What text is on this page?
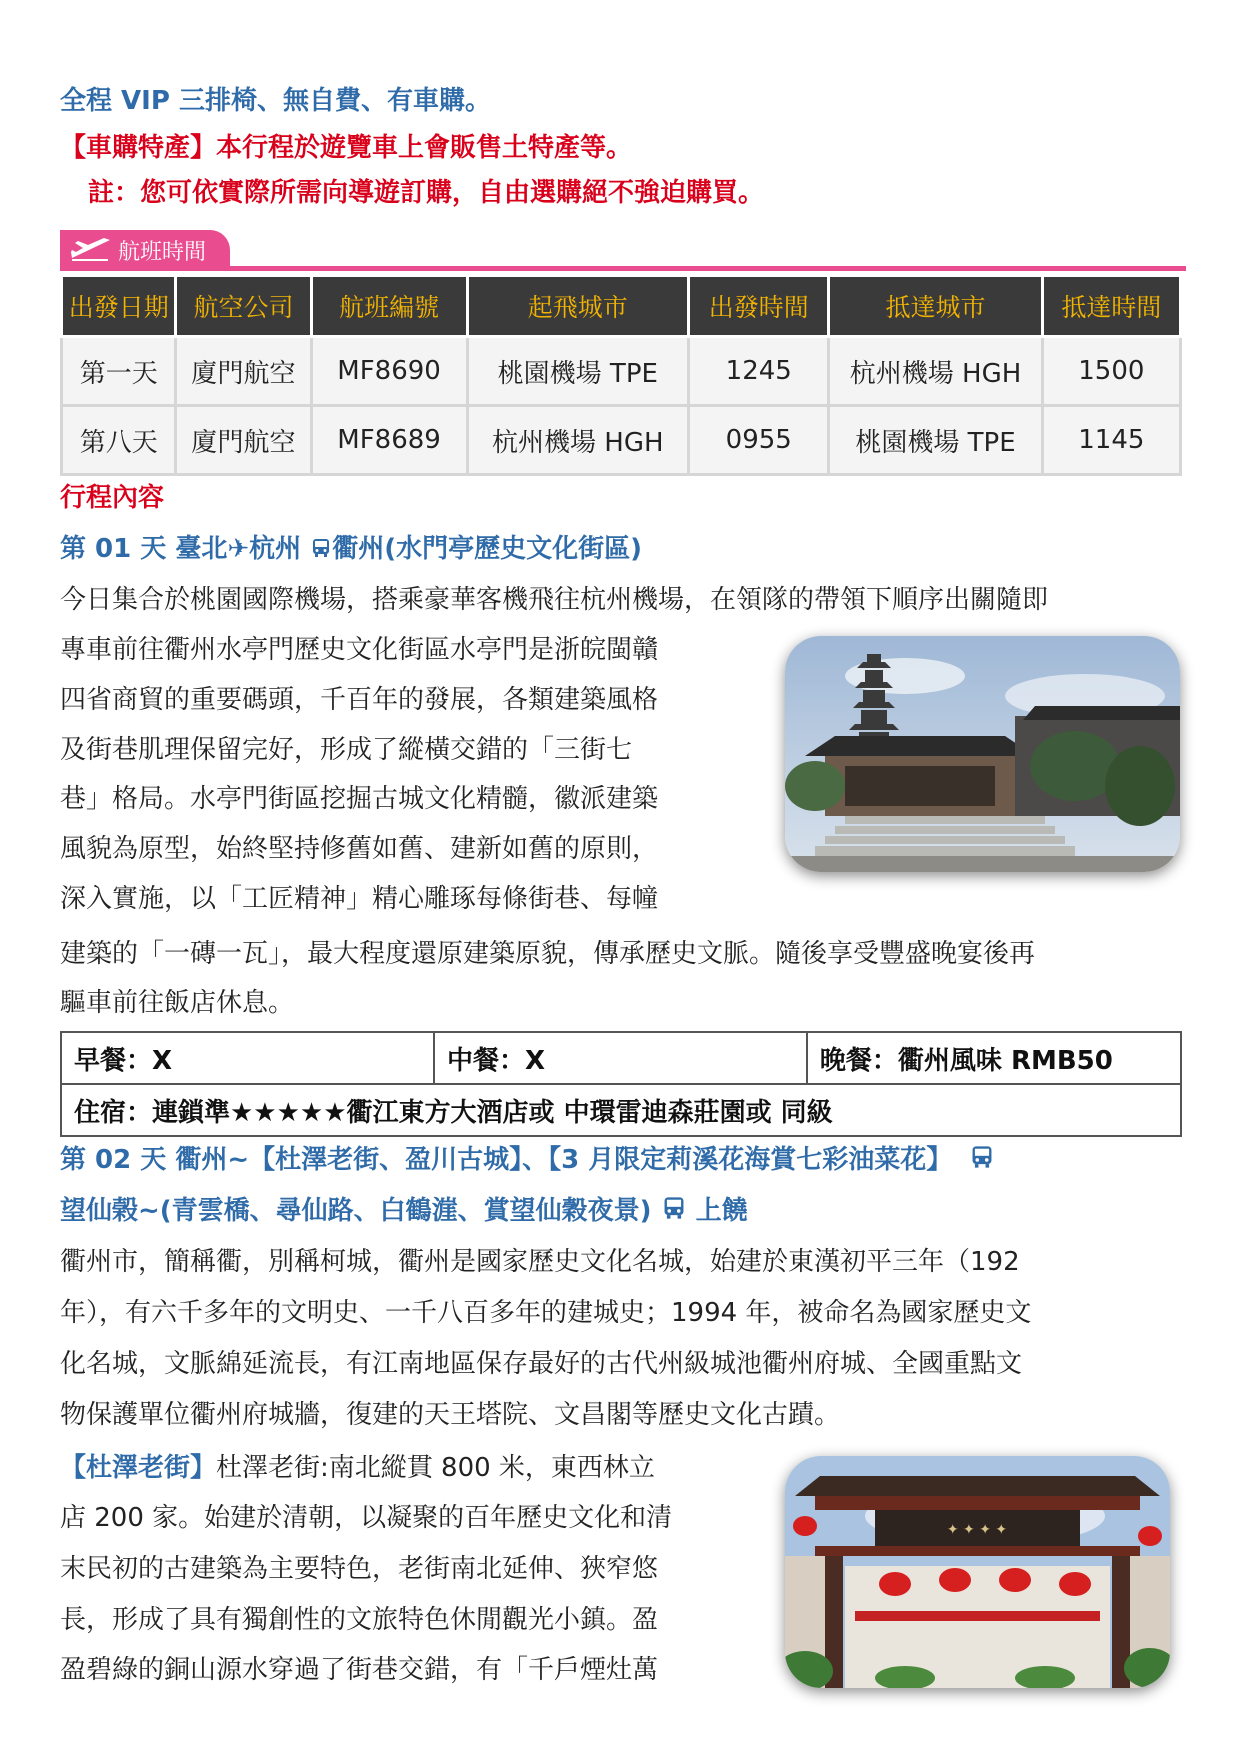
全程 VIP 三排椅、無自費、有車購。
【車購特產】本行程於遊覽車上會販售土特產等。
註：您可依實際所需向導遊訂購，自由選購絕不強迫購買。
航班時間
出發日期	航空公司	航班編號	起飛城市	出發時間	抵達城市	抵達時間
第一天	廈門航空	MF8690	桃園機場 TPE	1245	杭州機場 HGH	1500
第八天	廈門航空	MF8689	杭州機場 HGH	0955	桃園機場 TPE	1145
行程內容
第 01 天 臺北✈杭州 衢州(水門亭歷史文化街區)
今日集合於桃園國際機場，搭乘豪華客機飛往杭州機場，在領隊的帶領下順序出關隨即
專車前往衢州水亭門歷史文化街區水亭門是浙皖閩贛
四省商貿的重要碼頭，千百年的發展，各類建築風格
及街巷肌理保留完好，形成了縱橫交錯的「三街七
巷」格局。水亭門街區挖掘古城文化精髓，徽派建築
風貌為原型，始終堅持修舊如舊、建新如舊的原則，
深入實施，以「工匠精神」精心雕琢每條街巷、每幢
建築的「一磚一瓦」，最大程度還原建築原貌，傳承歷史文脈。隨後享受豐盛晚宴後再
驅車前往飯店休息。
早餐：X	中餐：X	晚餐：衢州風味 RMB50
住宿：連鎖準★★★★★衢江東方大酒店或 中環雷迪森莊園或 同級
第 02 天 衢州~【杜澤老街、盈川古城】、【3 月限定莉溪花海賞七彩油菜花】
望仙榖~(青雲橋、尋仙路、白鶴漄、賞望仙穀夜景)  上饒
衢州市，簡稱衢，別稱柯城，衢州是國家歷史文化名城，始建於東漢初平三年（192
年），有六千多年的文明史、一千八百多年的建城史；1994 年，被命名為國家歷史文
化名城，文脈綿延流長，有江南地區保存最好的古代州級城池衢州府城、全國重點文
物保護單位衢州府城牆，復建的天王塔院、文昌閣等歷史文化古蹟。
【杜澤老街】杜澤老街:南北縱貫 800 米，東西林立
店 200 家。始建於清朝，以凝聚的百年歷史文化和清
末民初的古建築為主要特色，老街南北延伸、狹窄悠
長，形成了具有獨創性的文旅特色休閒觀光小鎮。盈
盈碧綠的銅山源水穿過了街巷交錯，有「千戶煙灶萬
✦ ✦ ✦ ✦
